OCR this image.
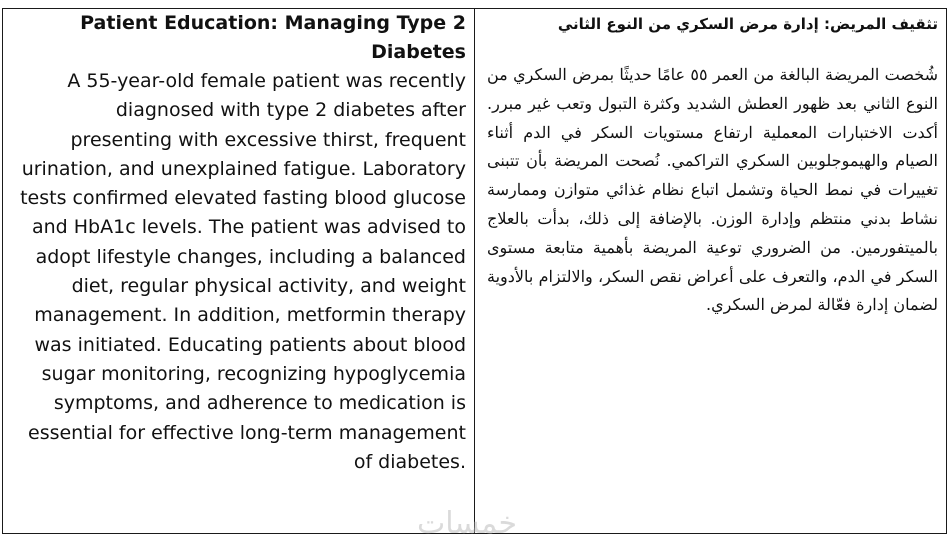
Patient Education: Managing Type 2 Diabetes

A 55-year-old female patient was recently diagnosed with type 2 diabetes after presenting with excessive thirst, frequent urination, and unexplained fatigue. Laboratory tests confirmed elevated fasting blood glucose and HbA1c levels. The patient was advised to adopt lifestyle changes, including a balanced diet, regular physical activity, and weight management. In addition, metformin therapy was initiated. Educating patients about blood sugar monitoring, recognizing hypoglycemia symptoms, and adherence to medication is essential for effective long-term management of diabetes.

تثقيف المريض: إدارة مرض السكري من النوع الثاني

شُخصت المريضة البالغة من العمر ٥٥ عامًا حديثًا بمرض السكري من النوع الثاني بعد ظهور العطش الشديد وكثرة التبول وتعب غير مبرر. أكدت الاختبارات المعملية ارتفاع مستويات السكر في الدم أثناء الصيام والهيموجلوبين السكري التراكمي. نُصحت المريضة بأن تتبنى تغييرات في نمط الحياة وتشمل اتباع نظام غذائي متوازن وممارسة نشاط بدني منتظم وإدارة الوزن. بالإضافة إلى ذلك، بدأت بالعلاج بالميتفورمين. من الضروري توعية المريضة بأهمية متابعة مستوى السكر في الدم، والتعرف على أعراض نقص السكر، والالتزام بالأدوية لضمان إدارة فعّالة لمرض السكري.

خمسات
